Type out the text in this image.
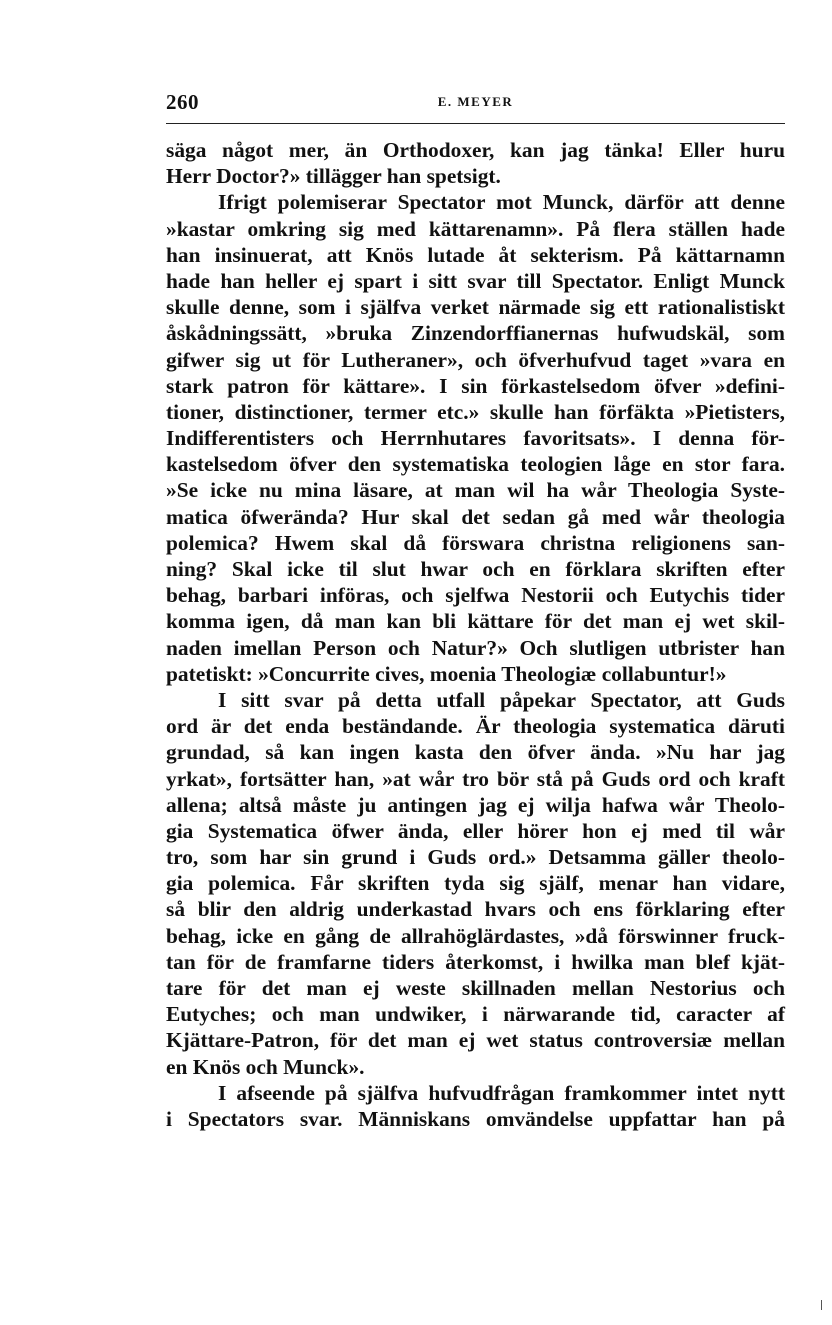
260	E. MEYER
säga något mer, än Orthodoxer, kan jag tänka! Eller huru
Herr Doctor?» tillägger han spetsigt.
Ifrigt polemiserar Spectator mot Munck, därför att denne
»kastar omkring sig med kättarenamn». På flera ställen hade
han insinuerat, att Knös lutade åt sekterism. På kättarnamn
hade han heller ej spart i sitt svar till Spectator. Enligt Munck
skulle denne, som i själfva verket närmade sig ett rationalistiskt
åskådningssätt, »bruka Zinzendorffianernas hufwudskäl, som
gifwer sig ut för Lutheraner», och öfverhufvud taget »vara en
stark patron för kättare». I sin förkastelsedom öfver »defini-
tioner, distinctioner, termer etc.» skulle han förfäkta »Pietisters,
Indifferentisters och Herrnhutares favoritsats». I denna för-
kastelsedom öfver den systematiska teologien låge en stor fara.
»Se icke nu mina läsare, at man wil ha wår Theologia Syste-
matica öfwerända? Hur skal det sedan gå med wår theologia
polemica? Hwem skal då förswara christna religionens san-
ning? Skal icke til slut hwar och en förklara skriften efter
behag, barbari införas, och sjelfwa Nestorii och Eutychis tider
komma igen, då man kan bli kättare för det man ej wet skil-
naden imellan Person och Natur?» Och slutligen utbrister han
patetiskt: »Concurrite cives, moenia Theologiæ collabuntur!»
I sitt svar på detta utfall påpekar Spectator, att Guds
ord är det enda beständande. Är theologia systematica däruti
grundad, så kan ingen kasta den öfver ända. »Nu har jag
yrkat», fortsätter han, »at wår tro bör stå på Guds ord och kraft
allena; altså måste ju antingen jag ej wilja hafwa wår Theolo-
gia Systematica öfwer ända, eller hörer hon ej med til wår
tro, som har sin grund i Guds ord.» Detsamma gäller theolo-
gia polemica. Får skriften tyda sig själf, menar han vidare,
så blir den aldrig underkastad hvars och ens förklaring efter
behag, icke en gång de allrahöglärdastes, »då förswinner fruck-
tan för de framfarne tiders återkomst, i hwilka man blef kjät-
tare för det man ej weste skillnaden mellan Nestorius och
Eutyches; och man undwiker, i närwarande tid, caracter af
Kjättare-Patron, för det man ej wet status controversiæ mellan
en Knös och Munck».
I afseende på själfva hufvudfrågan framkommer intet nytt
i Spectators svar. Människans omvändelse uppfattar han på
